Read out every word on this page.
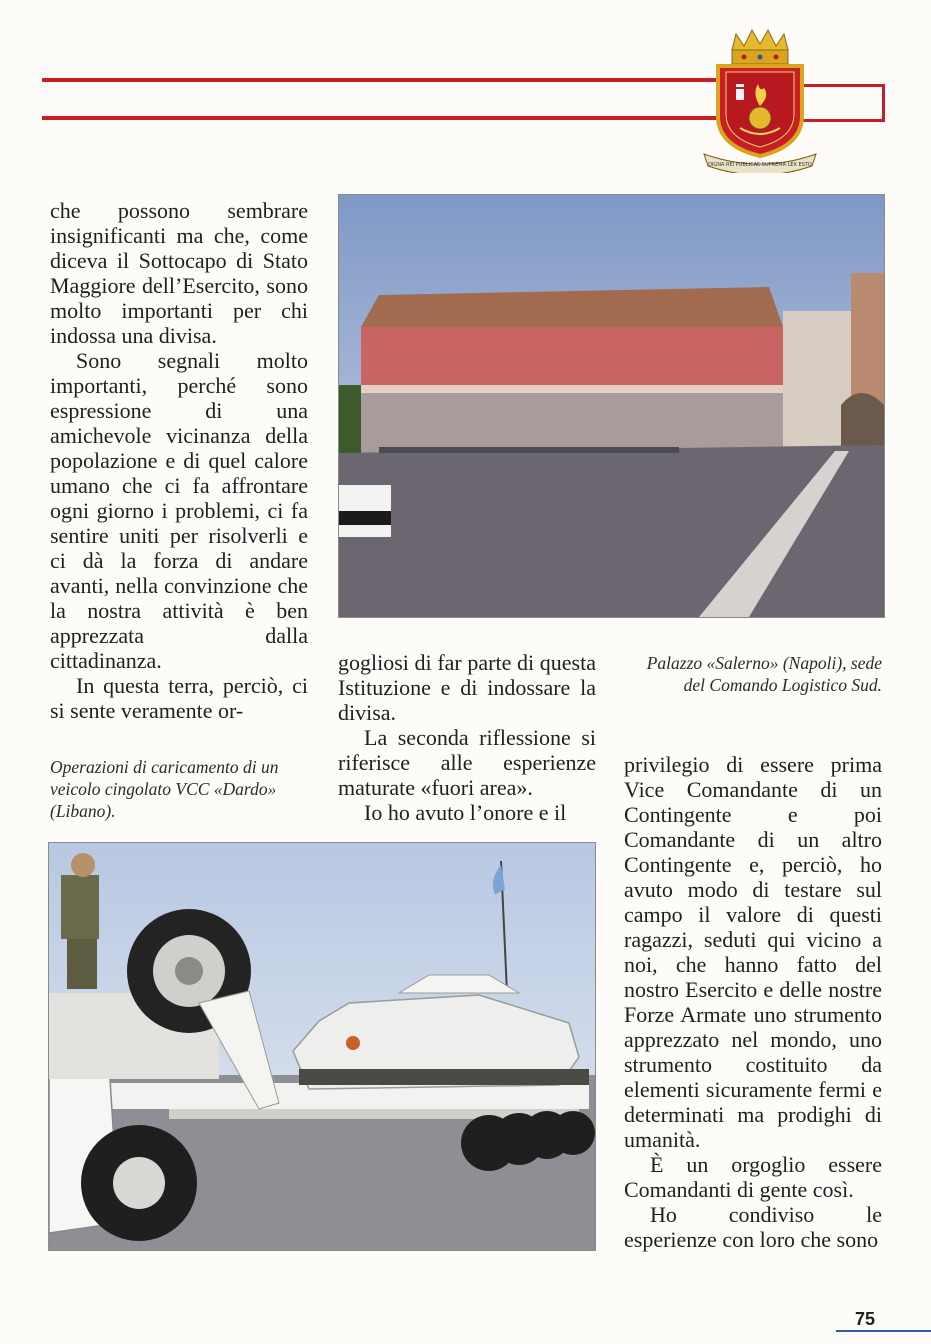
DIGNA REI PUBLICAE SUPREMA LEX ESTO

che possono sembrare insignificanti ma che, come diceva il Sottocapo di Stato Maggiore dell’Esercito, sono molto importanti per chi indossa una divisa.

Sono segnali molto importanti, perché sono espressione di una amichevole vicinanza della popolazione e di quel calore umano che ci fa affrontare ogni giorno i problemi, ci fa sentire uniti per risolverli e ci dà la forza di andare avanti, nella convinzione che la nostra attività è ben apprezzata dalla cittadinanza.

In questa terra, perciò, ci si sente veramente or-

Palazzo «Salerno» (Napoli), sede del Comando Logistico Sud.

gogliosi di far parte di questa Istituzione e di indossare la divisa.

La seconda riflessione si riferisce alle esperienze maturate «fuori area».

Io ho avuto l’onore e il

Operazioni di caricamento di un veicolo cingolato VCC «Dardo» (Libano).

privilegio di essere prima Vice Comandante di un Contingente e poi Comandante di un altro Contingente e, perciò, ho avuto modo di testare sul campo il valore di questi ragazzi, seduti qui vicino a noi, che hanno fatto del nostro Esercito e delle nostre Forze Armate uno strumento apprezzato nel mondo, uno strumento costituito da elementi sicuramente fermi e determinati ma prodighi di umanità.

È un orgoglio essere Comandanti di gente così.

Ho condiviso le esperienze con loro che sono

75
